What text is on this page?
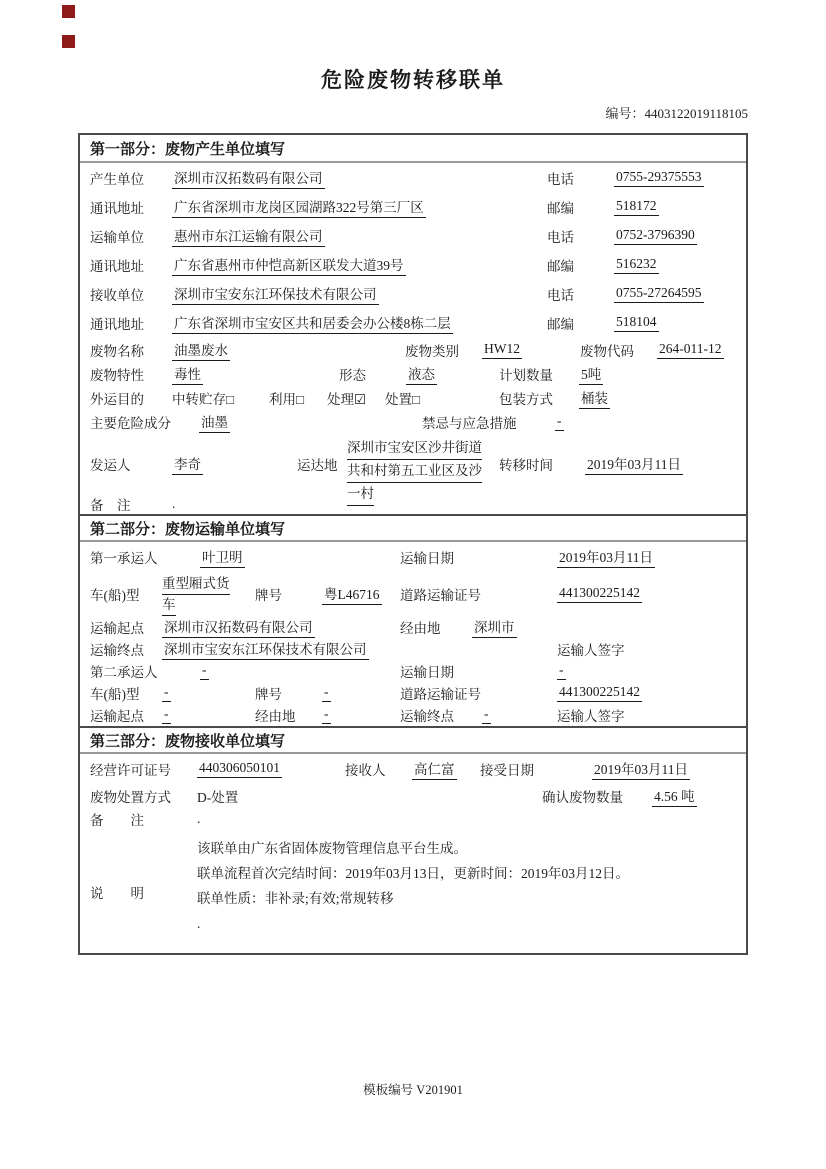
危险废物转移联单
编号：4403122019118105
第一部分：废物产生单位填写
产生单位 深圳市汉拓数码有限公司	电话	0755-29375553
通讯地址 广东省深圳市龙岗区园湖路322号第三厂区	邮编	518172
运输单位 惠州市东江运输有限公司	电话	0752-3796390
通讯地址 广东省惠州市仲恺高新区联发大道39号	邮编	516232
接收单位 深圳市宝安东江环保技术有限公司	电话	0755-27264595
通讯地址 广东省深圳市宝安区共和居委会办公楼8栋二层	邮编	518104
废物名称 油墨废水	废物类别 HW12	废物代码 264-011-12
废物特性 毒性	形态	液态	计划数量 5吨
外运目的 中转贮存□	利用□ 处理☑ 处置□	包装方式 桶装
主要危险成分 油墨	禁忌与应急措施	-
发运人	李奇	运达地
深圳市宝安区沙井街道
共和村第五工业区及沙
一村
转移时间	2019年03月11日
备　注	.
第二部分：废物运输单位填写
第一承运人	叶卫明	运输日期	2019年03月11日
车(船)型
重型厢式货
车
牌号	粤L46716 道路运输证号	441300225142
运输起点 深圳市汉拓数码有限公司	经由地 深圳市
运输终点 深圳市宝安东江环保技术有限公司	运输人签字
第二承运人	-	运输日期	-
车(船)型 -	牌号	-	道路运输证号	441300225142
运输起点 -	经由地 -	运输终点 -	运输人签字
第三部分：废物接收单位填写
经营许可证号 440306050101	接收人 高仁富 接受日期	2019年03月11日
废物处置方式 D-处置	确认废物数量 4.56 吨
备　　注	.
说　　明
该联单由广东省固体废物管理信息平台生成。
联单流程首次完结时间：2019年03月13日，更新时间：2019年03月12日。
联单性质：非补录;有效;常规转移
.
模板编号 V201901
